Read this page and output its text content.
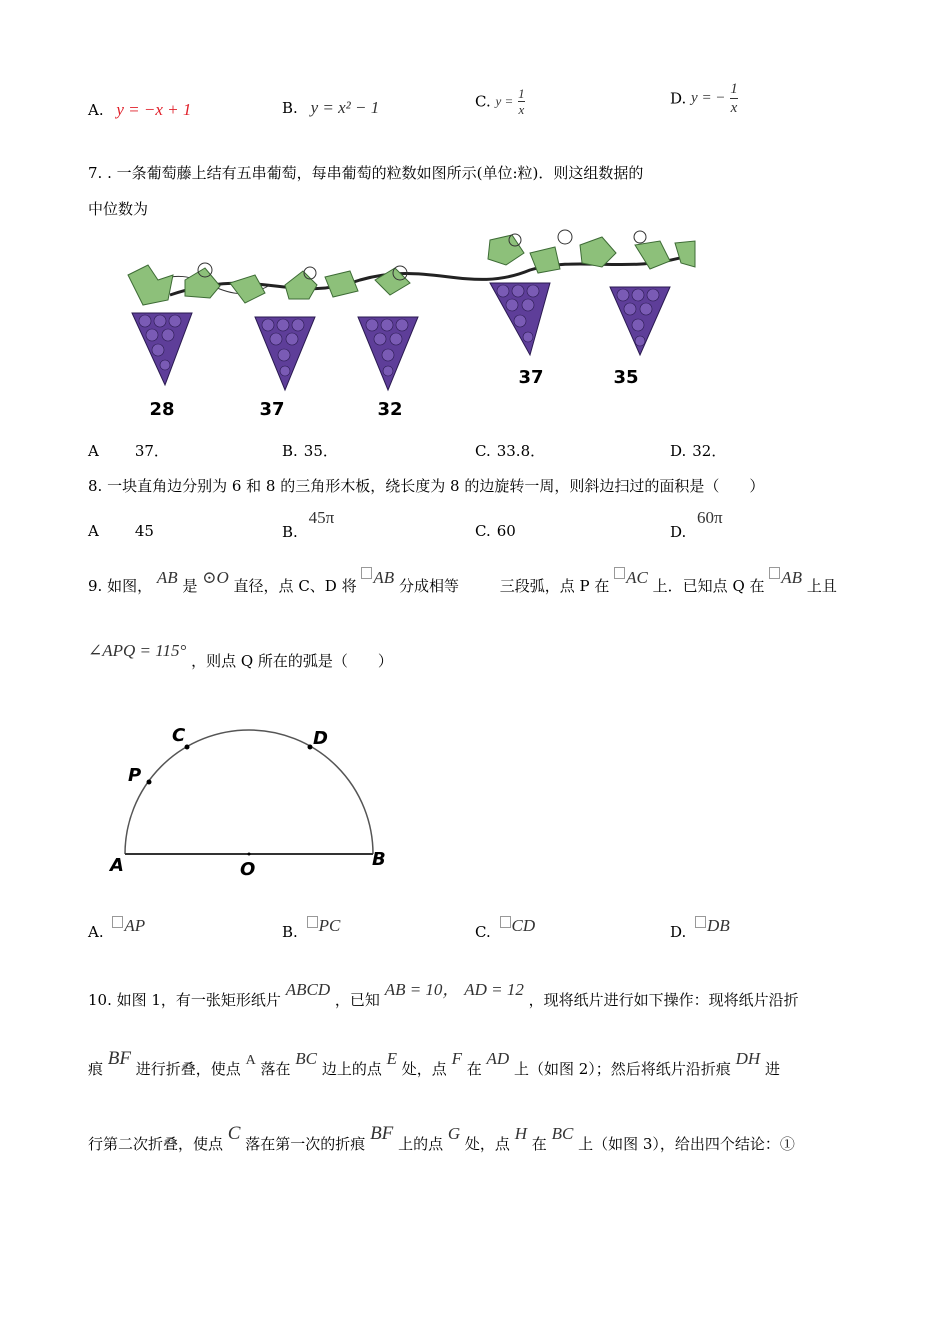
A. y = −x + 1	B. y = x² − 1	C. $y = \frac{1}{x}$	D. y = − $\frac{1}{x}$
7. . 一条葡萄藤上结有五串葡萄，每串葡萄的粒数如图所示(单位:粒)．则这组数据的
中位数为
28	37	32
37	35
A 37．	B. 35．	C. 33.8．	D. 32．
8. 一块直角边分别为 6 和 8 的三角形木板，绕长度为 8 的边旋转一周，则斜边扫过的面积是（　　）
A 45	B. 45π
C. 60	D. 60π
9. 如图， AB 是 ⊙O 直径，点 C、D 将 AB 分成相等	三段弧，点 P 在 AC 上．已知点 Q 在 AB 上且
∠APQ = 115° ，则点 Q 所在的弧是（　　）
A	B
C	D
O
P
A. AP	B. PC	C. CD	D. DB
10. 如图 1，有一张矩形纸片 ABCD ，已知 AB = 10， AD = 12 ，现将纸片进行如下操作：现将纸片沿折
痕 BF 进行折叠，使点 A 落在 BC 边上的点 E 处，点 F 在 AD 上（如图 2）；然后将纸片沿折痕 DH 进
行第二次折叠，使点 C 落在第一次的折痕 BF 上的点 G 处，点 H 在 BC 上（如图 3），给出四个结论：①
